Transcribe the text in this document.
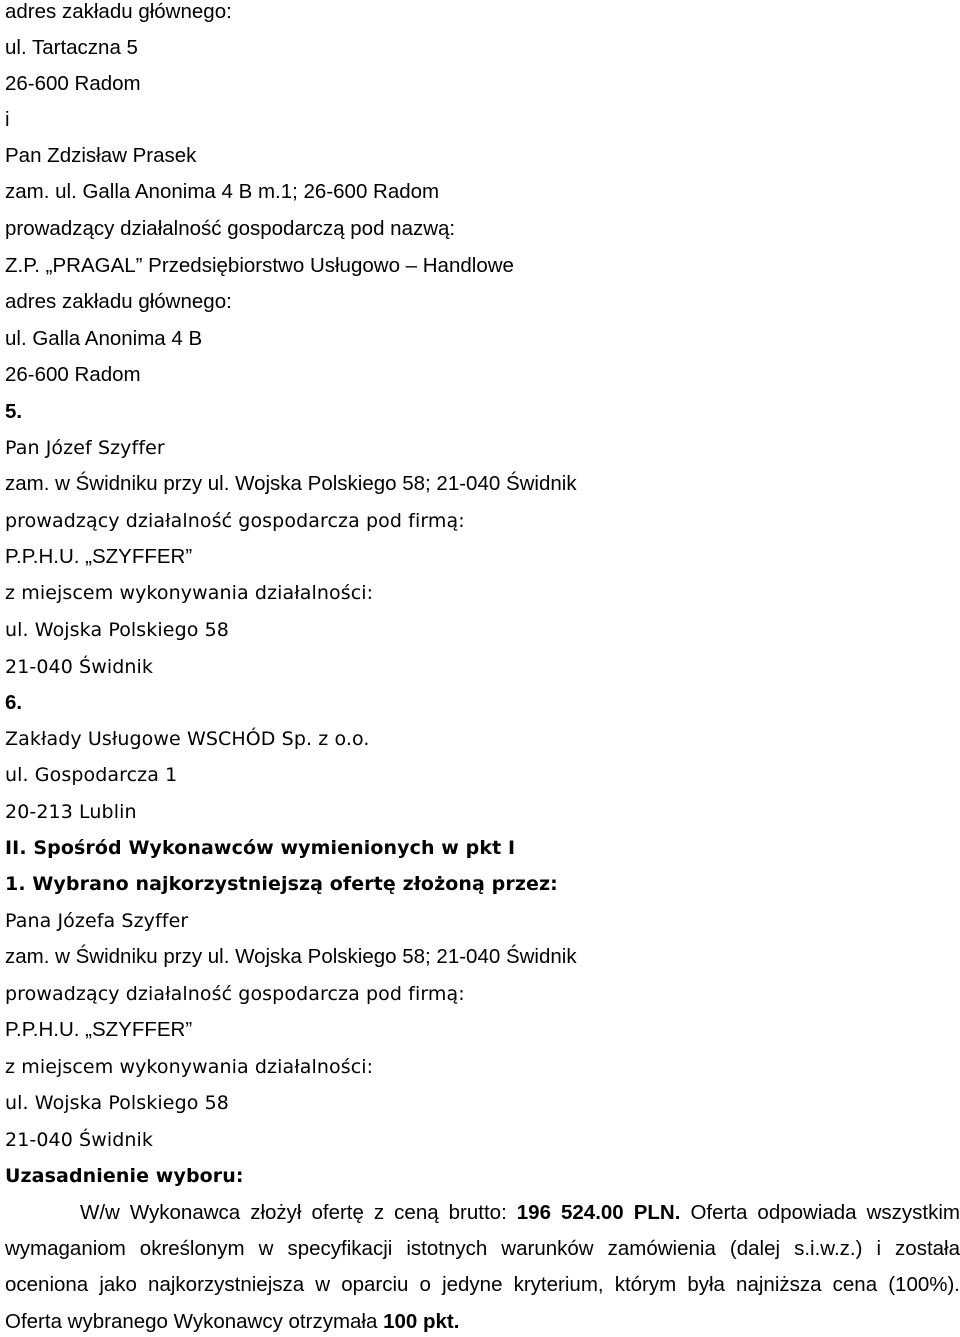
adres zakładu głównego:
ul. Tartaczna 5
26-600 Radom
i
Pan Zdzisław Prasek
zam. ul. Galla Anonima 4 B m.1; 26-600 Radom
prowadzący działalność gospodarczą pod nazwą:
Z.P. „PRAGAL” Przedsiębiorstwo Usługowo – Handlowe
adres zakładu głównego:
ul. Galla Anonima 4 B
26-600 Radom
5.
Pan Józef Szyffer
zam. w Świdniku przy ul. Wojska Polskiego 58; 21-040 Świdnik
prowadzący działalność gospodarcza pod firmą:
P.P.H.U. „SZYFFER”
z miejscem wykonywania działalności:
ul. Wojska Polskiego 58
21-040 Świdnik
6.
Zakłady Usługowe WSCHÓD Sp. z o.o.
ul. Gospodarcza 1
20-213 Lublin
II. Spośród Wykonawców wymienionych w pkt I
1. Wybrano najkorzystniejszą ofertę złożoną przez:
Pana Józefa Szyffer
zam. w Świdniku przy ul. Wojska Polskiego 58; 21-040 Świdnik
prowadzący działalność gospodarcza pod firmą:
P.P.H.U. „SZYFFER”
z miejscem wykonywania działalności:
ul. Wojska Polskiego 58
21-040 Świdnik
Uzasadnienie wyboru:
W/w Wykonawca złożył ofertę z ceną brutto: 196 524.00 PLN. Oferta odpowiada wszystkim
wymaganiom określonym w specyfikacji istotnych warunków zamówienia (dalej s.i.w.z.) i została
oceniona jako najkorzystniejsza w oparciu o jedyne kryterium, którym była najniższa cena (100%).
Oferta wybranego Wykonawcy otrzymała 100 pkt.
